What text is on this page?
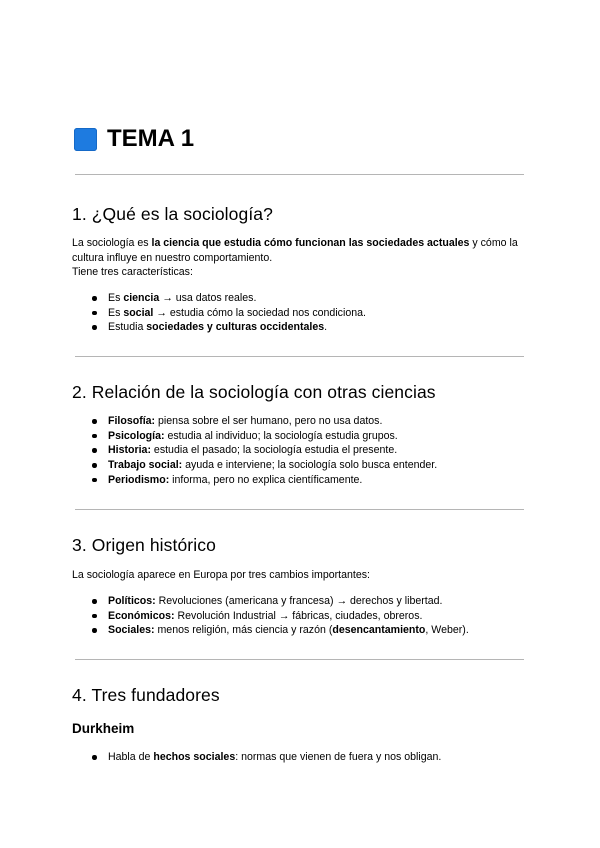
TEMA 1
1. ¿Qué es la sociología?

La sociología es la ciencia que estudia cómo funcionan las sociedades actuales y cómo la cultura influye en nuestro comportamiento.
Tiene tres características:

Es ciencia → usa datos reales.
Es social → estudia cómo la sociedad nos condiciona.
Estudia sociedades y culturas occidentales.
2. Relación de la sociología con otras ciencias
Filosofía: piensa sobre el ser humano, pero no usa datos.
Psicología: estudia al individuo; la sociología estudia grupos.
Historia: estudia el pasado; la sociología estudia el presente.
Trabajo social: ayuda e interviene; la sociología solo busca entender.
Periodismo: informa, pero no explica científicamente.
3. Origen histórico

La sociología aparece en Europa por tres cambios importantes:

Políticos: Revoluciones (americana y francesa) → derechos y libertad.
Económicos: Revolución Industrial → fábricas, ciudades, obreros.
Sociales: menos religión, más ciencia y razón (desencantamiento, Weber).
4. Tres fundadores
Durkheim
Habla de hechos sociales: normas que vienen de fuera y nos obligan.
